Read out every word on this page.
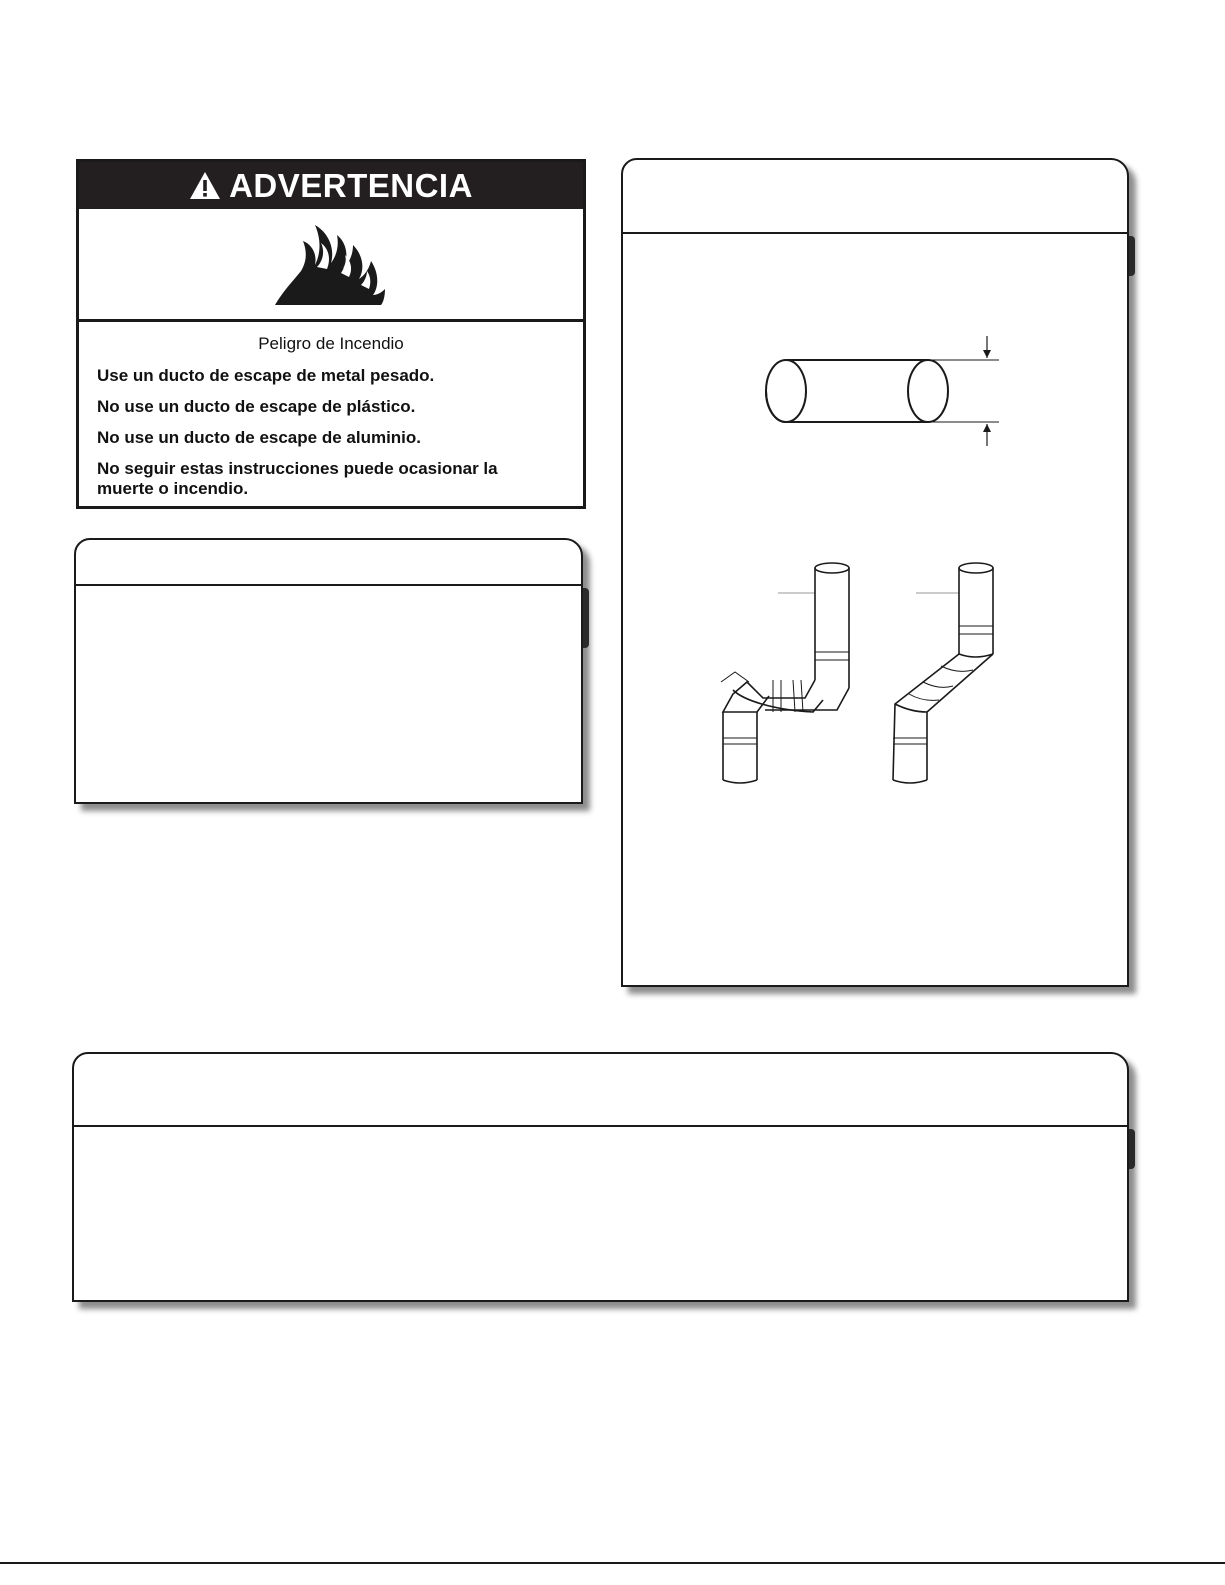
ADVERTENCIA
Peligro de Incendio
Use un ducto de escape de metal pesado.
No use un ducto de escape de plástico.
No use un ducto de escape de aluminio.
No seguir estas instrucciones puede ocasionar la muerte o incendio.
